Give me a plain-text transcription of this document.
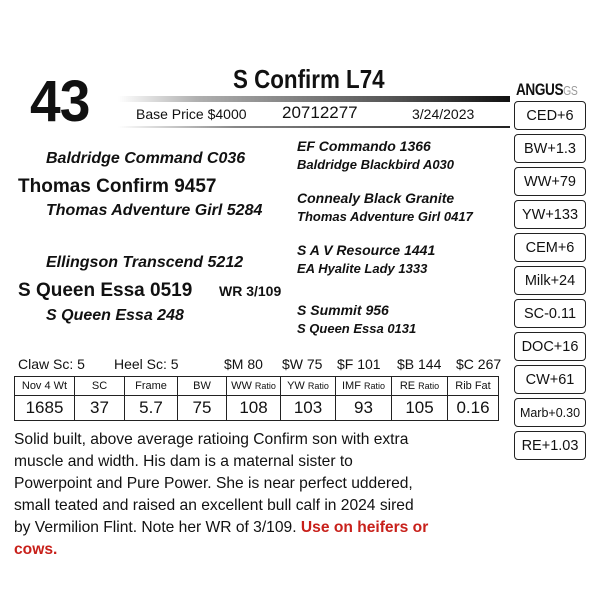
43	S Confirm L74
Base Price $4000 20712277	3/24/2023
Baldridge Command C036
Thomas Confirm 9457
Thomas Adventure Girl 5284
Ellingson Transcend 5212
S Queen Essa 0519 WR 3/109
S Queen Essa 248
EF Commando 1366
Baldridge Blackbird A030
Connealy Black Granite
Thomas Adventure Girl 0417
S A V Resource 1441
EA Hyalite Lady 1333
S Summit 956
S Queen Essa 0131
Claw Sc: 5 Heel Sc: 5	$M 80 $W 75 $F 101 $B 144 $C 267
Nov 4 Wt	SC	Frame	BW	WW Ratio	YW Ratio	IMF Ratio	RE Ratio	Rib Fat
1685	37	5.7	75	108	103	93	105	0.16
Solid built, above average ratioing Confirm son with extra muscle and width. His dam is a maternal sister to Powerpoint and Pure Power. She is near perfect uddered, small teated and raised an excellent bull calf in 2024 sired by Vermilion Flint. Note her WR of 3/109. Use on heifers or cows.
ANGUSGS
CED+6
BW+1.3
WW+79
YW+133
CEM+6
Milk+24
SC-0.11
DOC+16
CW+61
Marb+0.30
RE+1.03
